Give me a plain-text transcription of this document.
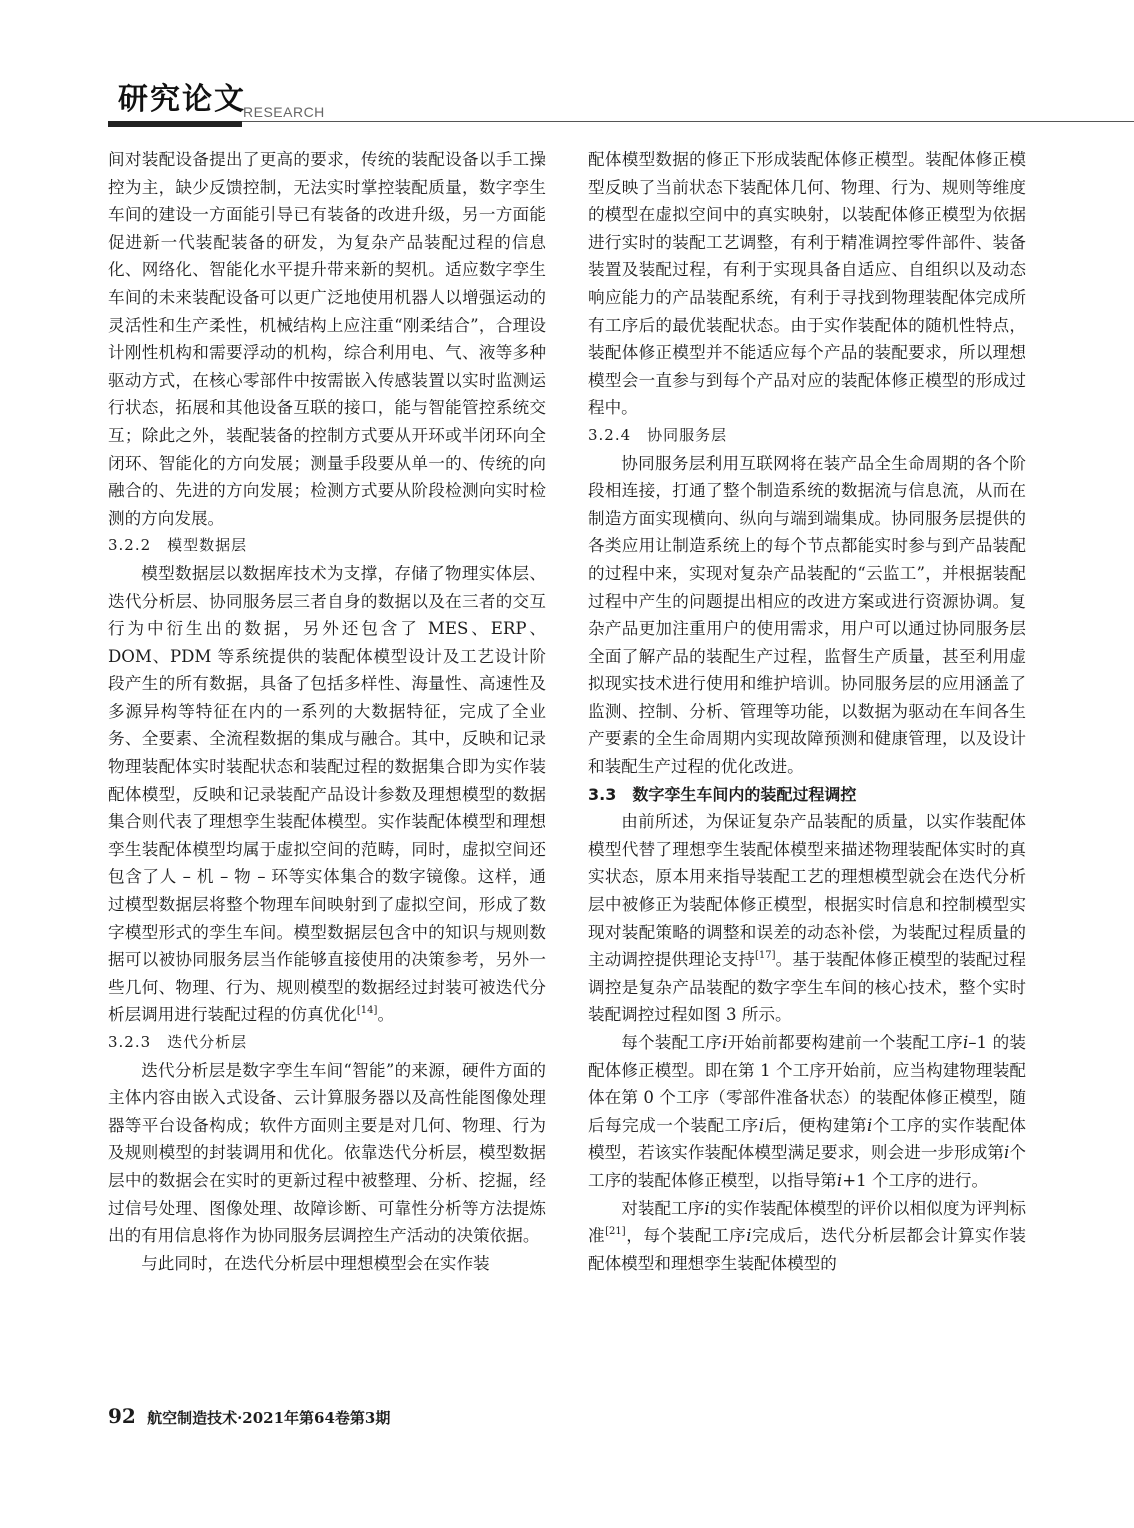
研究论文
RESEARCH

间对装配设备提出了更高的要求，传统的装配设备以手工操控为主，缺少反馈控制，无法实时掌控装配质量，数字孪生车间的建设一方面能引导已有装备的改进升级，另一方面能促进新一代装配装备的研发，为复杂产品装配过程的信息化、网络化、智能化水平提升带来新的契机。适应数字孪生车间的未来装配设备可以更广泛地使用机器人以增强运动的灵活性和生产柔性，机械结构上应注重“刚柔结合”，合理设计刚性机构和需要浮动的机构，综合利用电、气、液等多种驱动方式，在核心零部件中按需嵌入传感装置以实时监测运行状态，拓展和其他设备互联的接口，能与智能管控系统交互；除此之外，装配装备的控制方式要从开环或半闭环向全闭环、智能化的方向发展；测量手段要从单一的、传统的向融合的、先进的方向发展；检测方式要从阶段检测向实时检测的方向发展。

3.2.2　模型数据层

模型数据层以数据库技术为支撑，存储了物理实体层、迭代分析层、协同服务层三者自身的数据以及在三者的交互行为中衍生出的数据，另外还包含了 MES、ERP、DOM、PDM 等系统提供的装配体模型设计及工艺设计阶段产生的所有数据，具备了包括多样性、海量性、高速性及多源异构等特征在内的一系列的大数据特征，完成了全业务、全要素、全流程数据的集成与融合。其中，反映和记录物理装配体实时装配状态和装配过程的数据集合即为实作装配体模型，反映和记录装配产品设计参数及理想模型的数据集合则代表了理想孪生装配体模型。实作装配体模型和理想孪生装配体模型均属于虚拟空间的范畴，同时，虚拟空间还包含了人 – 机 – 物 – 环等实体集合的数字镜像。这样，通过模型数据层将整个物理车间映射到了虚拟空间，形成了数字模型形式的孪生车间。模型数据层包含中的知识与规则数据可以被协同服务层当作能够直接使用的决策参考，另外一些几何、物理、行为、规则模型的数据经过封装可被迭代分析层调用进行装配过程的仿真优化[14]。

3.2.3　迭代分析层

迭代分析层是数字孪生车间“智能”的来源，硬件方面的主体内容由嵌入式设备、云计算服务器以及高性能图像处理器等平台设备构成；软件方面则主要是对几何、物理、行为及规则模型的封装调用和优化。依靠迭代分析层，模型数据层中的数据会在实时的更新过程中被整理、分析、挖掘，经过信号处理、图像处理、故障诊断、可靠性分析等方法提炼出的有用信息将作为协同服务层调控生产活动的决策依据。

与此同时，在迭代分析层中理想模型会在实作装

配体模型数据的修正下形成装配体修正模型。装配体修正模型反映了当前状态下装配体几何、物理、行为、规则等维度的模型在虚拟空间中的真实映射，以装配体修正模型为依据进行实时的装配工艺调整，有利于精准调控零件部件、装备装置及装配过程，有利于实现具备自适应、自组织以及动态响应能力的产品装配系统，有利于寻找到物理装配体完成所有工序后的最优装配状态。由于实作装配体的随机性特点，装配体修正模型并不能适应每个产品的装配要求，所以理想模型会一直参与到每个产品对应的装配体修正模型的形成过程中。

3.2.4　协同服务层

协同服务层利用互联网将在装产品全生命周期的各个阶段相连接，打通了整个制造系统的数据流与信息流，从而在制造方面实现横向、纵向与端到端集成。协同服务层提供的各类应用让制造系统上的每个节点都能实时参与到产品装配的过程中来，实现对复杂产品装配的“云监工”，并根据装配过程中产生的问题提出相应的改进方案或进行资源协调。复杂产品更加注重用户的使用需求，用户可以通过协同服务层全面了解产品的装配生产过程，监督生产质量，甚至利用虚拟现实技术进行使用和维护培训。协同服务层的应用涵盖了监测、控制、分析、管理等功能，以数据为驱动在车间各生产要素的全生命周期内实现故障预测和健康管理，以及设计和装配生产过程的优化改进。

3.3　数字孪生车间内的装配过程调控

由前所述，为保证复杂产品装配的质量，以实作装配体模型代替了理想孪生装配体模型来描述物理装配体实时的真实状态，原本用来指导装配工艺的理想模型就会在迭代分析层中被修正为装配体修正模型，根据实时信息和控制模型实现对装配策略的调整和误差的动态补偿，为装配过程质量的主动调控提供理论支持[17]。基于装配体修正模型的装配过程调控是复杂产品装配的数字孪生车间的核心技术，整个实时装配调控过程如图 3 所示。

每个装配工序i开始前都要构建前一个装配工序i–1 的装配体修正模型。即在第 1 个工序开始前，应当构建物理装配体在第 0 个工序（零部件准备状态）的装配体修正模型，随后每完成一个装配工序i后，便构建第i个工序的实作装配体模型，若该实作装配体模型满足要求，则会进一步形成第i个工序的装配体修正模型，以指导第i+1 个工序的进行。

对装配工序i的实作装配体模型的评价以相似度为评判标准[21]，每个装配工序i完成后，迭代分析层都会计算实作装配体模型和理想孪生装配体模型的

92 航空制造技术·2021年第64卷第3期
